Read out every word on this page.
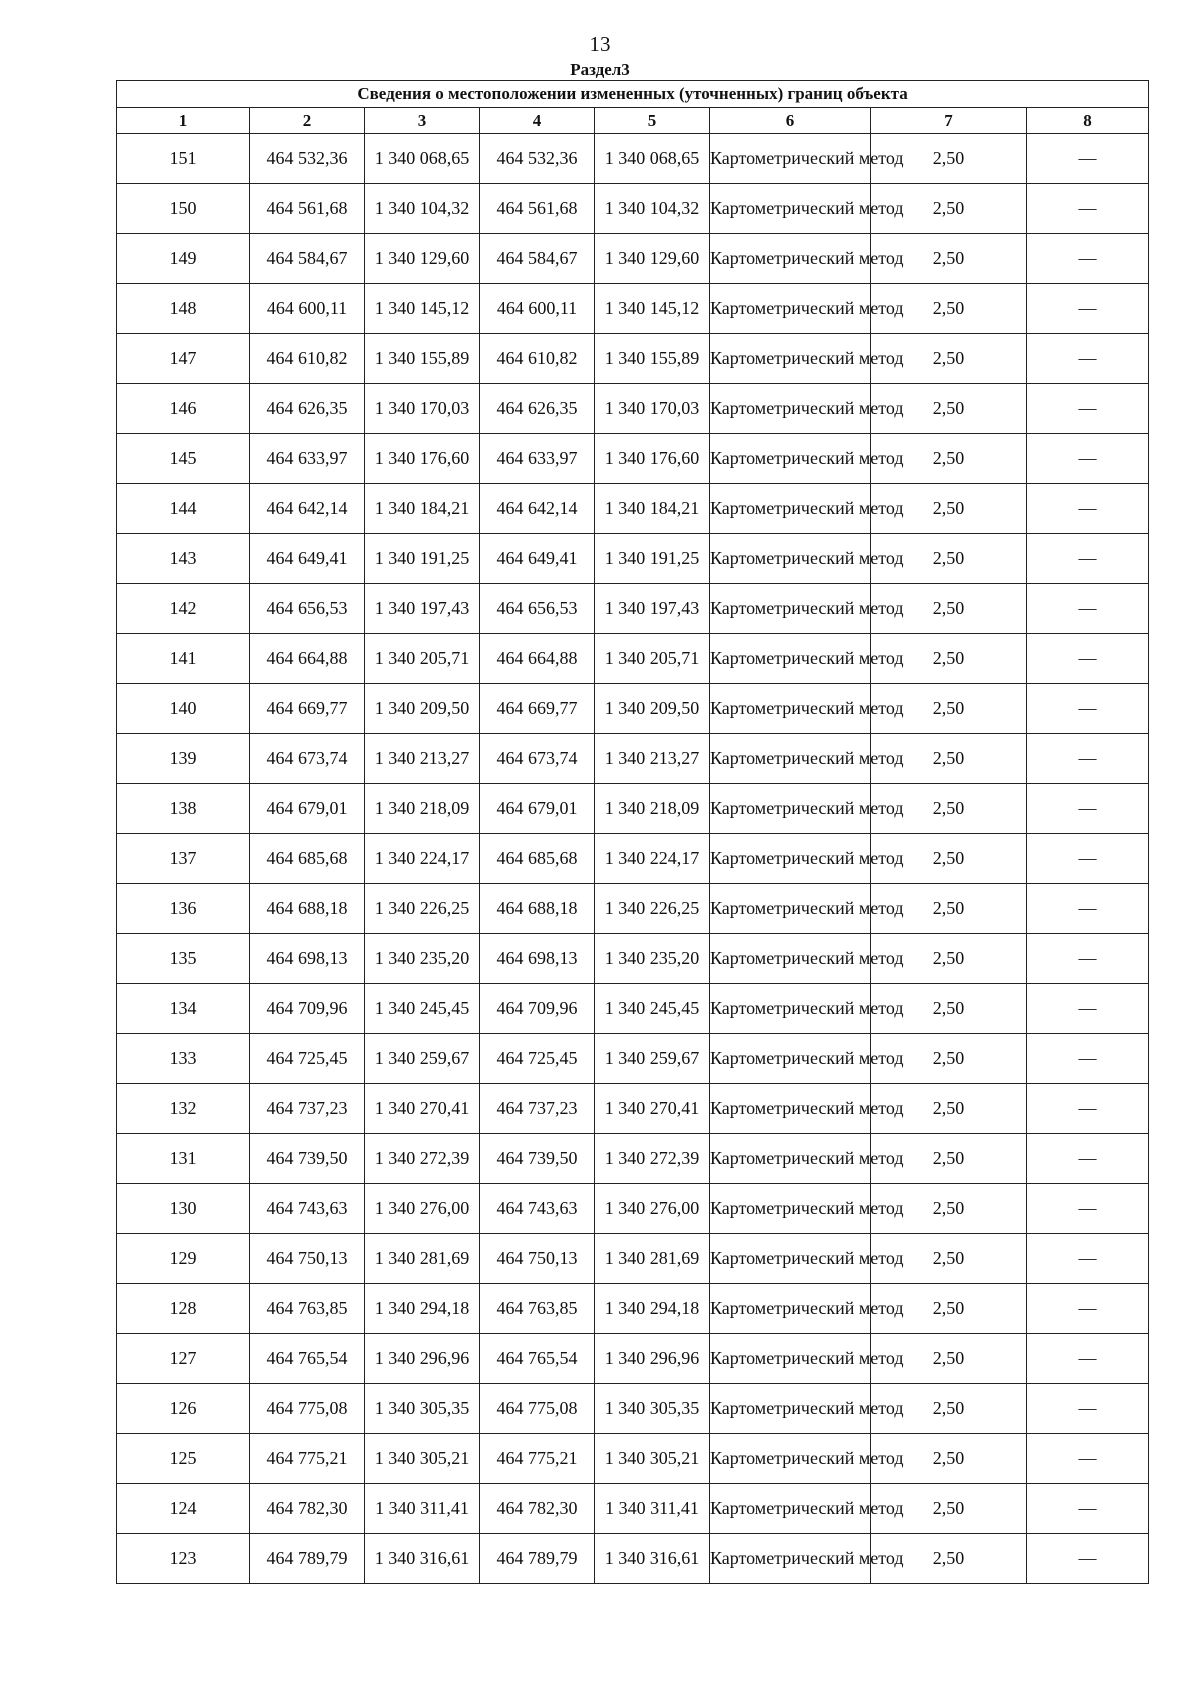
13
Раздел3
Сведения о местоположении измененных (уточненных) границ объекта							
1	2	3	4	5	6	7	8
151	464 532,36	1 340 068,65	464 532,36	1 340 068,65	Картометрический метод	2,50	—
150	464 561,68	1 340 104,32	464 561,68	1 340 104,32	Картометрический метод	2,50	—
149	464 584,67	1 340 129,60	464 584,67	1 340 129,60	Картометрический метод	2,50	—
148	464 600,11	1 340 145,12	464 600,11	1 340 145,12	Картометрический метод	2,50	—
147	464 610,82	1 340 155,89	464 610,82	1 340 155,89	Картометрический метод	2,50	—
146	464 626,35	1 340 170,03	464 626,35	1 340 170,03	Картометрический метод	2,50	—
145	464 633,97	1 340 176,60	464 633,97	1 340 176,60	Картометрический метод	2,50	—
144	464 642,14	1 340 184,21	464 642,14	1 340 184,21	Картометрический метод	2,50	—
143	464 649,41	1 340 191,25	464 649,41	1 340 191,25	Картометрический метод	2,50	—
142	464 656,53	1 340 197,43	464 656,53	1 340 197,43	Картометрический метод	2,50	—
141	464 664,88	1 340 205,71	464 664,88	1 340 205,71	Картометрический метод	2,50	—
140	464 669,77	1 340 209,50	464 669,77	1 340 209,50	Картометрический метод	2,50	—
139	464 673,74	1 340 213,27	464 673,74	1 340 213,27	Картометрический метод	2,50	—
138	464 679,01	1 340 218,09	464 679,01	1 340 218,09	Картометрический метод	2,50	—
137	464 685,68	1 340 224,17	464 685,68	1 340 224,17	Картометрический метод	2,50	—
136	464 688,18	1 340 226,25	464 688,18	1 340 226,25	Картометрический метод	2,50	—
135	464 698,13	1 340 235,20	464 698,13	1 340 235,20	Картометрический метод	2,50	—
134	464 709,96	1 340 245,45	464 709,96	1 340 245,45	Картометрический метод	2,50	—
133	464 725,45	1 340 259,67	464 725,45	1 340 259,67	Картометрический метод	2,50	—
132	464 737,23	1 340 270,41	464 737,23	1 340 270,41	Картометрический метод	2,50	—
131	464 739,50	1 340 272,39	464 739,50	1 340 272,39	Картометрический метод	2,50	—
130	464 743,63	1 340 276,00	464 743,63	1 340 276,00	Картометрический метод	2,50	—
129	464 750,13	1 340 281,69	464 750,13	1 340 281,69	Картометрический метод	2,50	—
128	464 763,85	1 340 294,18	464 763,85	1 340 294,18	Картометрический метод	2,50	—
127	464 765,54	1 340 296,96	464 765,54	1 340 296,96	Картометрический метод	2,50	—
126	464 775,08	1 340 305,35	464 775,08	1 340 305,35	Картометрический метод	2,50	—
125	464 775,21	1 340 305,21	464 775,21	1 340 305,21	Картометрический метод	2,50	—
124	464 782,30	1 340 311,41	464 782,30	1 340 311,41	Картометрический метод	2,50	—
123	464 789,79	1 340 316,61	464 789,79	1 340 316,61	Картометрический метод	2,50	—
